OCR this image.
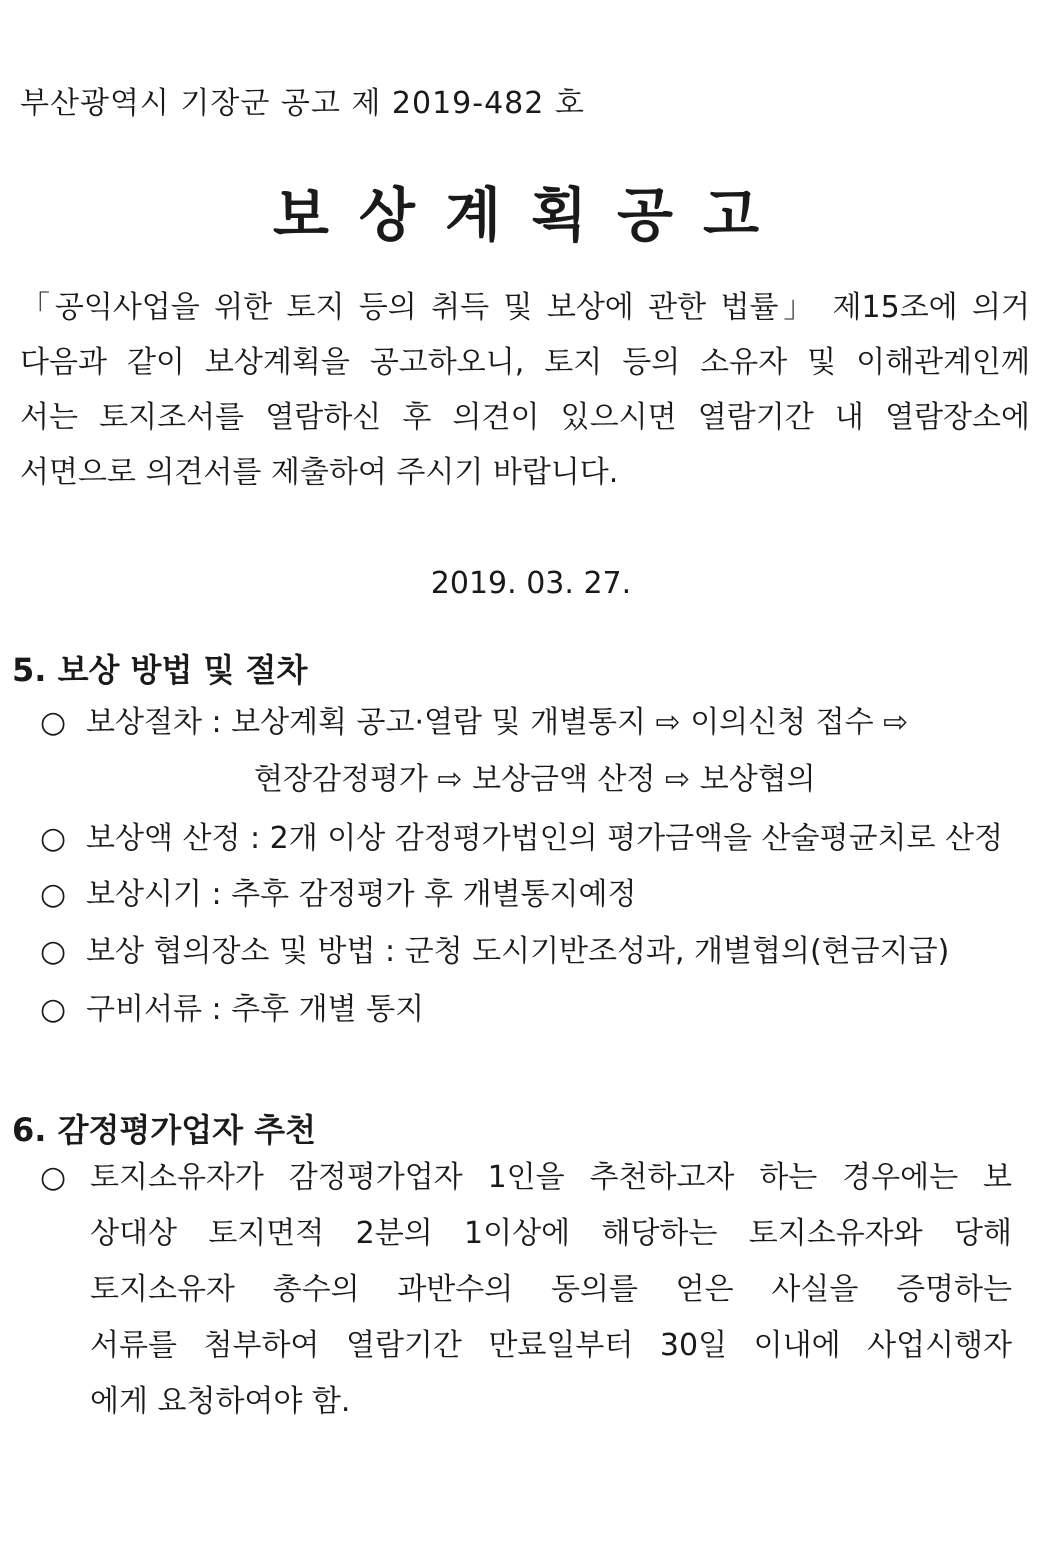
부산광역시 기장군 공고 제 2019-482 호
보상계획공고
「공익사업을 위한 토지 등의 취득 및 보상에 관한 법률」 제15조에 의거
다음과 같이 보상계획을 공고하오니, 토지 등의 소유자 및 이해관계인께
서는 토지조서를 열람하신 후 의견이 있으시면 열람기간 내 열람장소에
서면으로 의견서를 제출하여 주시기 바랍니다.
2019. 03. 27.
5. 보상 방법 및 절차
○ 보상절차 : 보상계획 공고·열람 및 개별통지 ⇨ 이의신청 접수 ⇨
현장감정평가 ⇨ 보상금액 산정 ⇨ 보상협의
○ 보상액 산정 : 2개 이상 감정평가법인의 평가금액을 산술평균치로 산정
○ 보상시기 : 추후 감정평가 후 개별통지예정
○ 보상 협의장소 및 방법 : 군청 도시기반조성과, 개별협의(현금지급)
○ 구비서류 : 추후 개별 통지
6. 감정평가업자 추천
○ 토지소유자가 감정평가업자 1인을 추천하고자 하는 경우에는 보
상대상 토지면적 2분의 1이상에 해당하는 토지소유자와 당해
토지소유자 총수의 과반수의 동의를 얻은 사실을 증명하는
서류를 첨부하여 열람기간 만료일부터 30일 이내에 사업시행자
에게 요청하여야 함.
